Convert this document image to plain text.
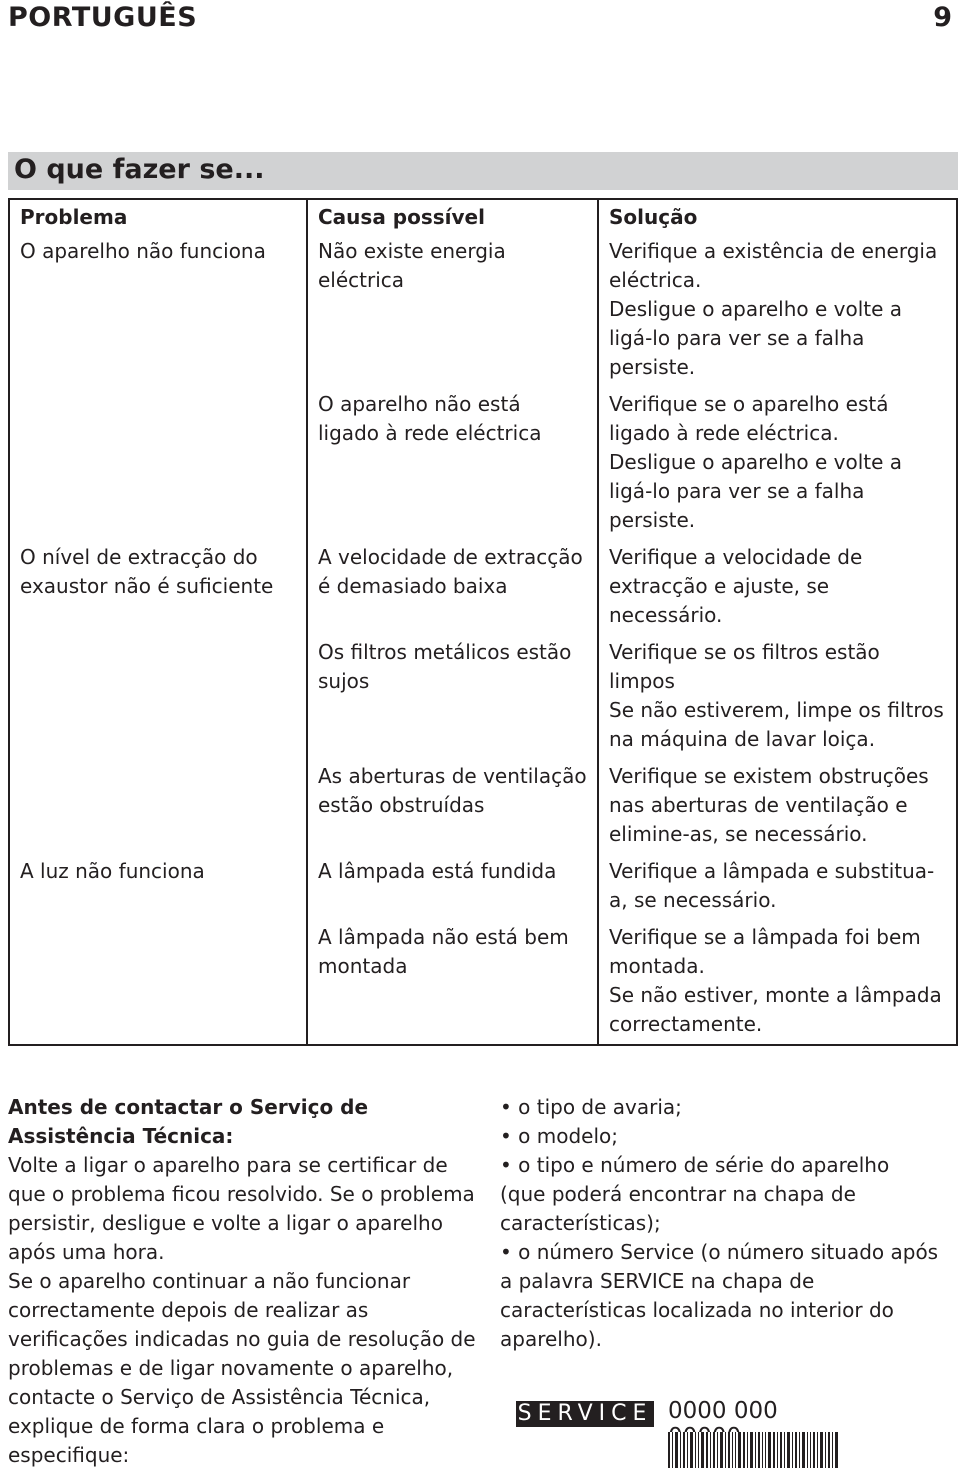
PORTUGUÊS	9
O que fazer se...
Problema	Causa possível	Solução
O aparelho não funciona	Não existe energia eléctrica	Verifique a existência de energia eléctrica.
Desligue o aparelho e volte a ligá-lo para ver se a falha persiste.
	O aparelho não está ligado à rede eléctrica	Verifique se o aparelho está ligado à rede eléctrica.
Desligue o aparelho e volte a ligá-lo para ver se a falha persiste.
O nível de extracção do exaustor não é suficiente	A velocidade de extracção é demasiado baixa	Verifique a velocidade de extracção e ajuste, se necessário.
	Os filtros metálicos estão sujos	Verifique se os filtros estão limpos
Se não estiverem, limpe os filtros na máquina de lavar loiça.
	As aberturas de ventilação estão obstruídas	Verifique se existem obstruções nas aberturas de ventilação e elimine-as, se necessário.
A luz não funciona	A lâmpada está fundida	Verifique a lâmpada e substitua-a, se necessário.
	A lâmpada não está bem montada	Verifique se a lâmpada foi bem montada.
Se não estiver, monte a lâmpada correctamente.
Antes de contactar o Serviço de Assistência Técnica:
Volte a ligar o aparelho para se certificar de que o problema ficou resolvido. Se o problema persistir, desligue e volte a ligar o aparelho após uma hora.
Se o aparelho continuar a não funcionar correctamente depois de realizar as verificações indicadas no guia de resolução de problemas e de ligar novamente o aparelho, contacte o Serviço de Assistência Técnica, explique de forma clara o problema e especifique:

• o tipo de avaria;

• o modelo;

• o tipo e número de série do aparelho (que poderá encontrar na chapa de características);

• o número Service (o número situado após a palavra SERVICE na chapa de características localizada no interior do aparelho).

SERVICE 0000 000
